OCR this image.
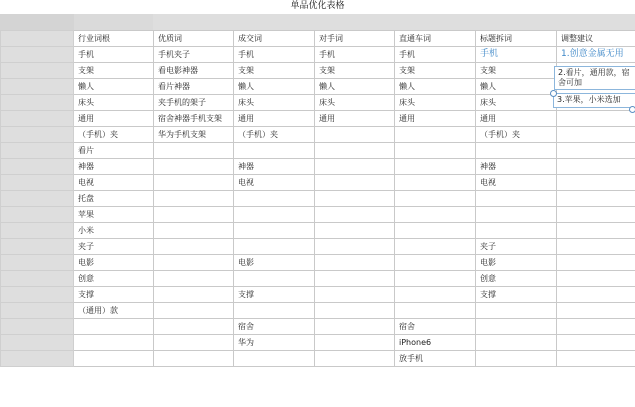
单品优化表格
	行业词根	优质词	成交词	对手词	直通车词	标题拆词	调整建议
	手机	手机夹子	手机	手机	手机	手机	1.创意金属无用
	支架	看电影神器	支架	支架	支架	支架	
	懒人	看片神器	懒人	懒人	懒人	懒人	
	床头	夹手机的架子	床头	床头	床头	床头	
	通用	宿舍神器手机支架	通用	通用	通用	通用	
	（手机）夹	华为手机支架	（手机）夹			（手机）夹	
	看片						
	神器		神器			神器	
	电视		电视			电视	
	托盘						
	苹果						
	小米						
	夹子					夹子	
	电影		电影			电影	
	创意					创意	
	支撑		支撑			支撑	
	（通用）款						
			宿舍		宿舍		
			华为		iPhone6		
					放手机		
2.看片，通用款，宿
舍可加
3.苹果，小米选加
